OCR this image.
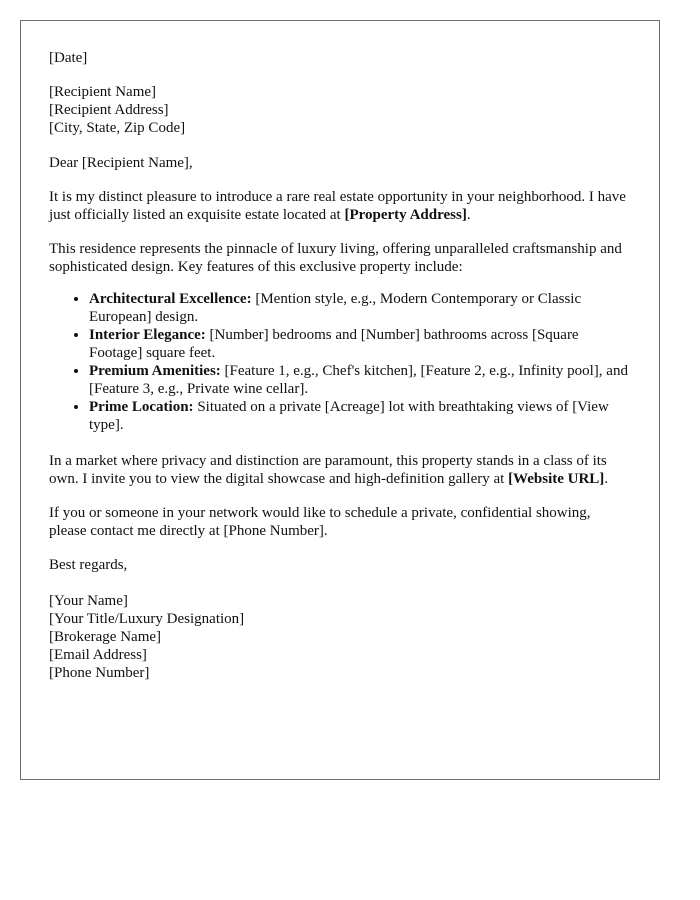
[Date]
[Recipient Name]
[Recipient Address]
[City, State, Zip Code]

Dear [Recipient Name],

It is my distinct pleasure to introduce a rare real estate opportunity in your neighborhood. I have just officially listed an exquisite estate located at [Property Address].

This residence represents the pinnacle of luxury living, offering unparalleled craftsmanship and sophisticated design. Key features of this exclusive property include:

• Architectural Excellence: [Mention style, e.g., Modern Contemporary or Classic European] design.
• Interior Elegance: [Number] bedrooms and [Number] bathrooms across [Square Footage] square feet.
• Premium Amenities: [Feature 1, e.g., Chef's kitchen], [Feature 2, e.g., Infinity pool], and [Feature 3, e.g., Private wine cellar].
• Prime Location: Situated on a private [Acreage] lot with breathtaking views of [View type].

In a market where privacy and distinction are paramount, this property stands in a class of its own. I invite you to view the digital showcase and high-definition gallery at [Website URL].

If you or someone in your network would like to schedule a private, confidential showing, please contact me directly at [Phone Number].

Best regards,

[Your Name]
[Your Title/Luxury Designation]
[Brokerage Name]
[Email Address]
[Phone Number]
